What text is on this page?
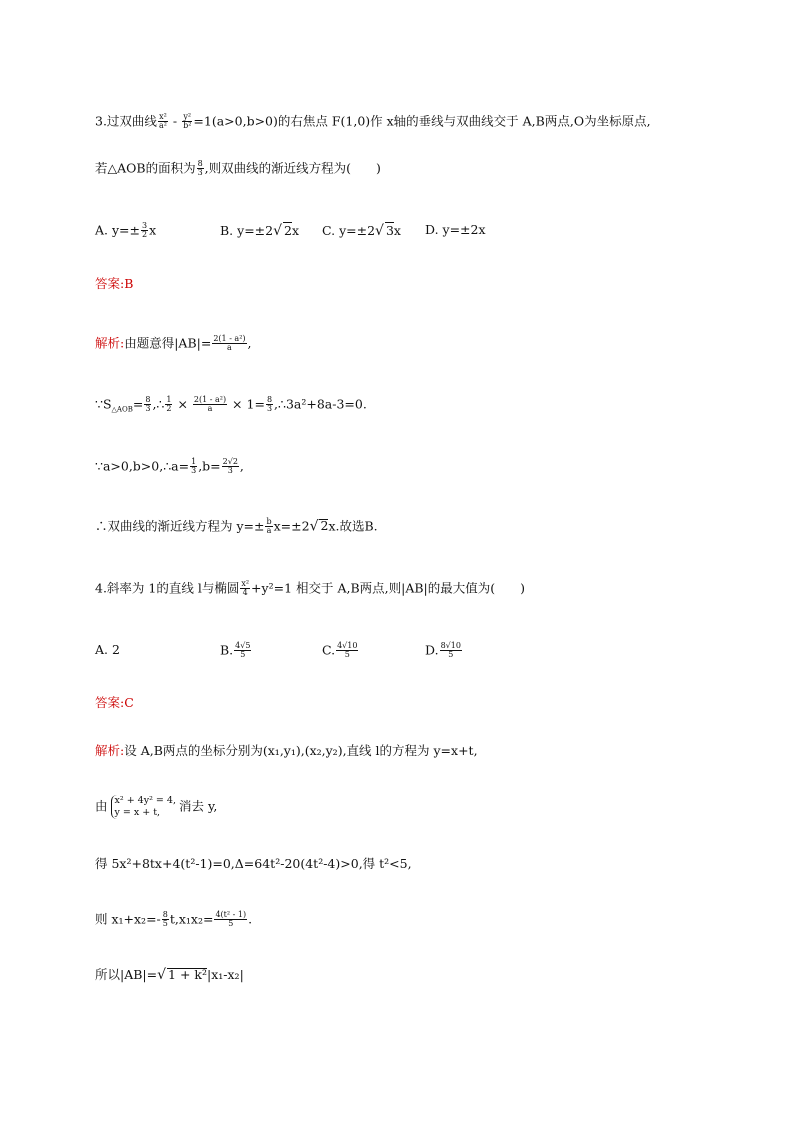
3.过双曲线 $\frac{\text{x²}}{\text{a²}} - \frac{\text{y²}}{\text{b²}} =1(a>0,b>0)$的右焦点 F(1,0)作 x轴的垂线与双曲线交于 A,B两点,O为坐标原点,
若△AOB的面积为 $\frac{8}{3}$ ,则双曲线的渐近线方程为(　　)
A. $y=\pm \frac{3}{2}$ x	B. y=±2√ 2x C. y=±2√ 3x D. y=±2x
答案:B
解析:由题意得$|AB|= \frac{\text{2(1 - a²)}}{a}$ ,
$\because S_{\triangle AOB}= \frac{8}{3}$ ,∴ $\frac{1}{2} \times \frac{\text{2(1 - a²)}}{a} \times 1= \frac{8}{3}$ ,∴3a²+8a-3=0.
∵a>0,b>0,∴a= $\frac{1}{3} ,b= \frac{2√2}{3}$ ,
∴双曲线的渐近线方程为 $y=\pm \frac{b}{a} x=\pm 2√$ 2x.故选B.
4.斜率为 1的直线 l与椭圆 $\frac{\text{x²}}{4} +y^2=1$ 相交于 A,B两点,则|AB|的最大值为(　　)
A. 2	B. $\frac{4√5}{5}$	C. $\frac{4√10}{5}$	D. $\frac{8√10}{5}$
答案:C
解析:设 A,B两点的坐标分别为(x₁,y₁),(x₂,y₂),直线 l的方程为 y=x+t,
由 x² + 4y² = 4,
y = x + t,	消去 y,
得 5x²+8tx+4(t²-1)=0,Δ=64t²-20(4t²-4)>0,得 t²<5,
则 $x_1+x_2=- \frac{8}{5} t,x_1x_2= \frac{\text{4(t² - 1)}}{5}$ .
所以|AB|=√ 1 + k²|x₁-x₂|
